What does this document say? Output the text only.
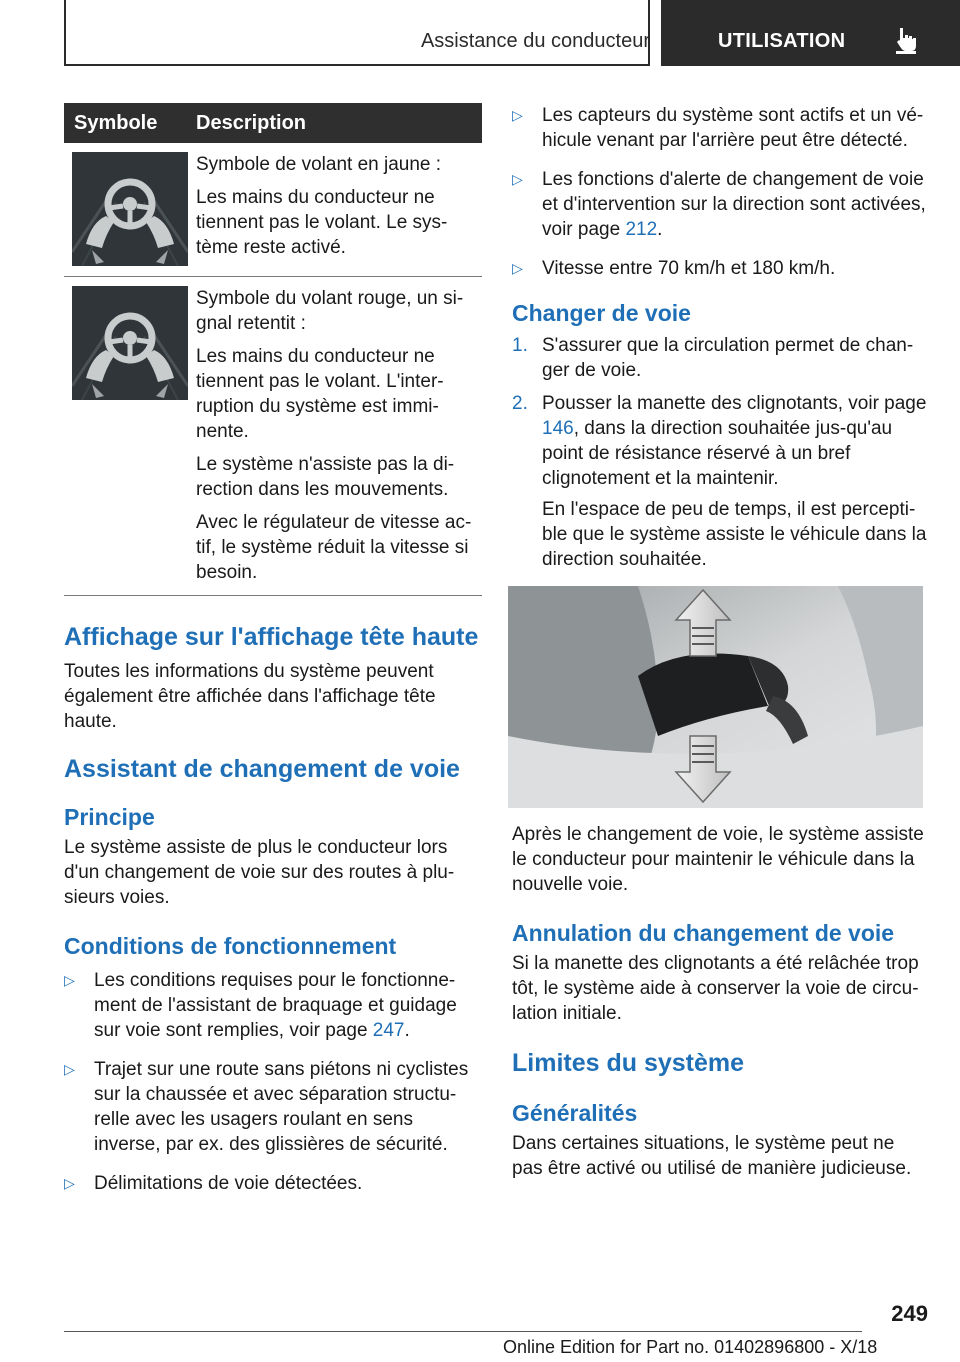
Assistance du conducteur	UTILISATION
Symbole	Description

Symbole de volant en jaune :

Les mains du conducteur ne tiennent pas le volant. Le sys-tème reste activé.

Symbole du volant rouge, un si-gnal retentit :

Les mains du conducteur ne tiennent pas le volant. L'inter-ruption du système est immi-nente.

Le système n'assiste pas la di-rection dans les mouvements.

Avec le régulateur de vitesse ac-tif, le système réduit la vitesse si besoin.

Affichage sur l'affichage tête haute

Toutes les informations du système peuvent également être affichée dans l'affichage tête haute.

Assistant de changement de voie
Principe

Le système assiste de plus le conducteur lors d'un changement de voie sur des routes à plu-sieurs voies.

Conditions de fonctionnement
▷ Les conditions requises pour le fonctionne-ment de l'assistant de braquage et guidage sur voie sont remplies, voir page 247.
▷ Trajet sur une route sans piétons ni cyclistes sur la chaussée et avec séparation structu-relle avec les usagers roulant en sens inverse, par ex. des glissières de sécurité.
▷ Délimitations de voie détectées.
▷ Les capteurs du système sont actifs et un vé-hicule venant par l'arrière peut être détecté.
▷ Les fonctions d'alerte de changement de voie et d'intervention sur la direction sont activées, voir page 212.
▷ Vitesse entre 70 km/h et 180 km/h.
Changer de voie
1. S'assurer que la circulation permet de chan-ger de voie.
2. Pousser la manette des clignotants, voir page 146, dans la direction souhaitée jus-qu'au point de résistance réservé à un bref clignotement et la maintenir.

En l'espace de peu de temps, il est percepti-ble que le système assiste le véhicule dans la direction souhaitée.

Après le changement de voie, le système assiste le conducteur pour maintenir le véhicule dans la nouvelle voie.

Annulation du changement de voie

Si la manette des clignotants a été relâchée trop tôt, le système aide à conserver la voie de circu-lation initiale.

Limites du système
Généralités

Dans certaines situations, le système peut ne pas être activé ou utilisé de manière judicieuse.

249
Online Edition for Part no. 01402896800 - X/18
